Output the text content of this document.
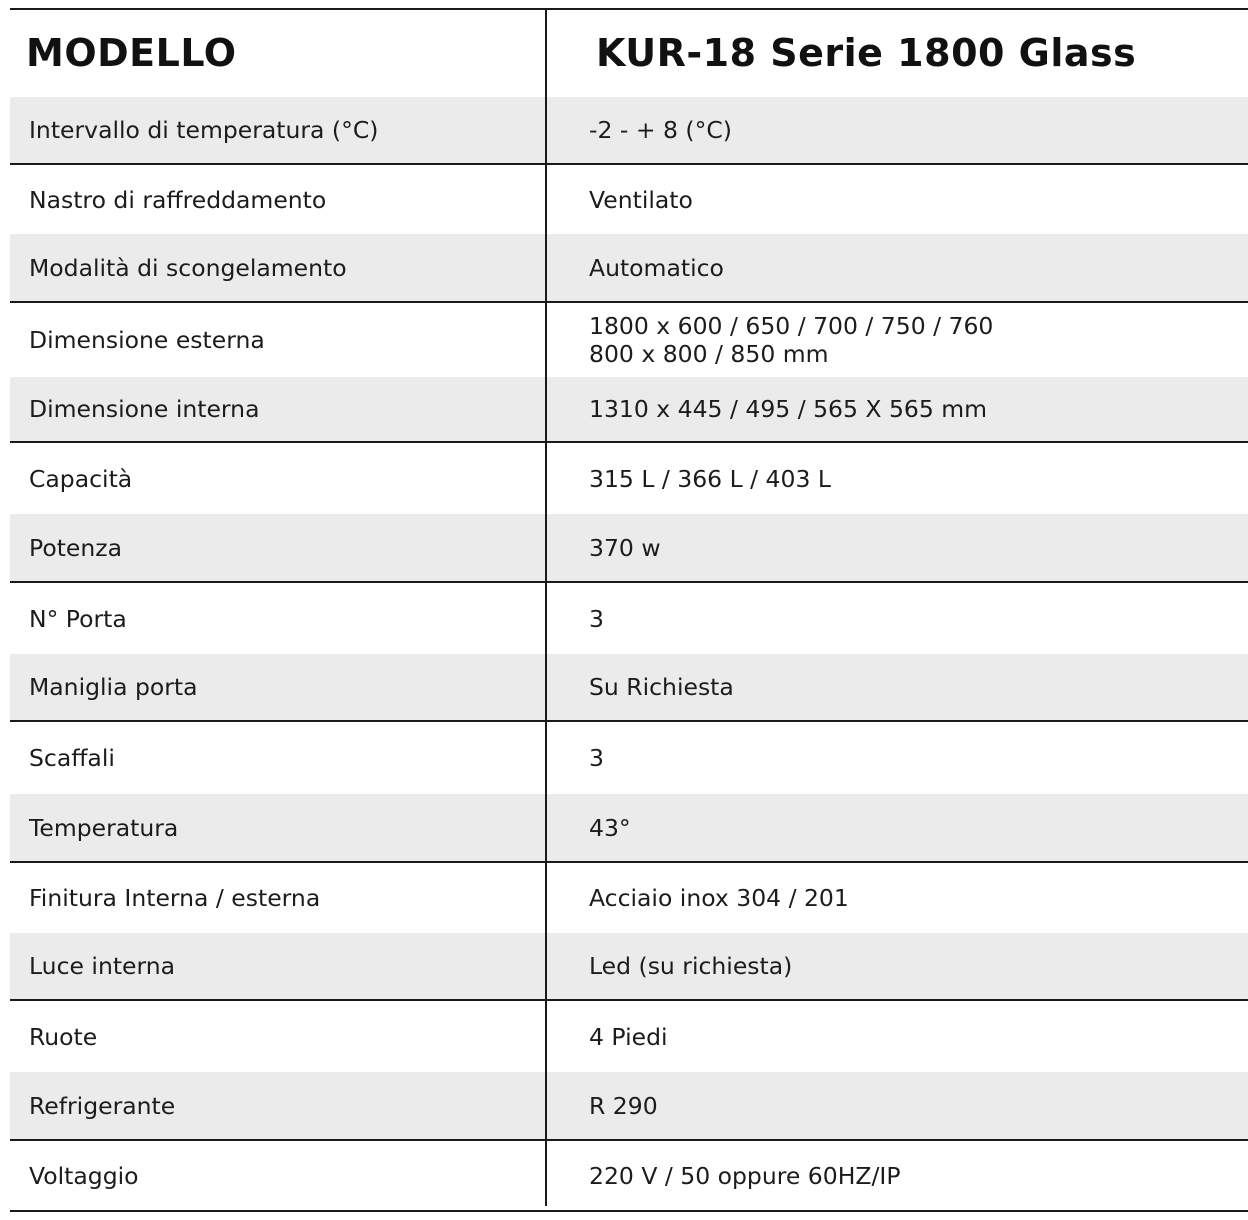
MODELLO	KUR-18 Serie 1800 Glass
Intervallo di temperatura (°C)	-2 - + 8 (°C)
Nastro di raffreddamento	Ventilato
Modalità di scongelamento	Automatico
Dimensione esterna	1800 x 600 / 650 / 700 / 750 / 760
800 x 800 / 850 mm
Dimensione interna	1310 x 445 / 495 / 565 X 565 mm
Capacità	315 L / 366 L / 403 L
Potenza	370 w
N° Porta	3
Maniglia porta	Su Richiesta
Scaffali	3
Temperatura	43°
Finitura Interna / esterna	Acciaio inox 304 / 201
Luce interna	Led (su richiesta)
Ruote	4 Piedi
Refrigerante	R 290
Voltaggio	220 V / 50 oppure 60HZ/IP
